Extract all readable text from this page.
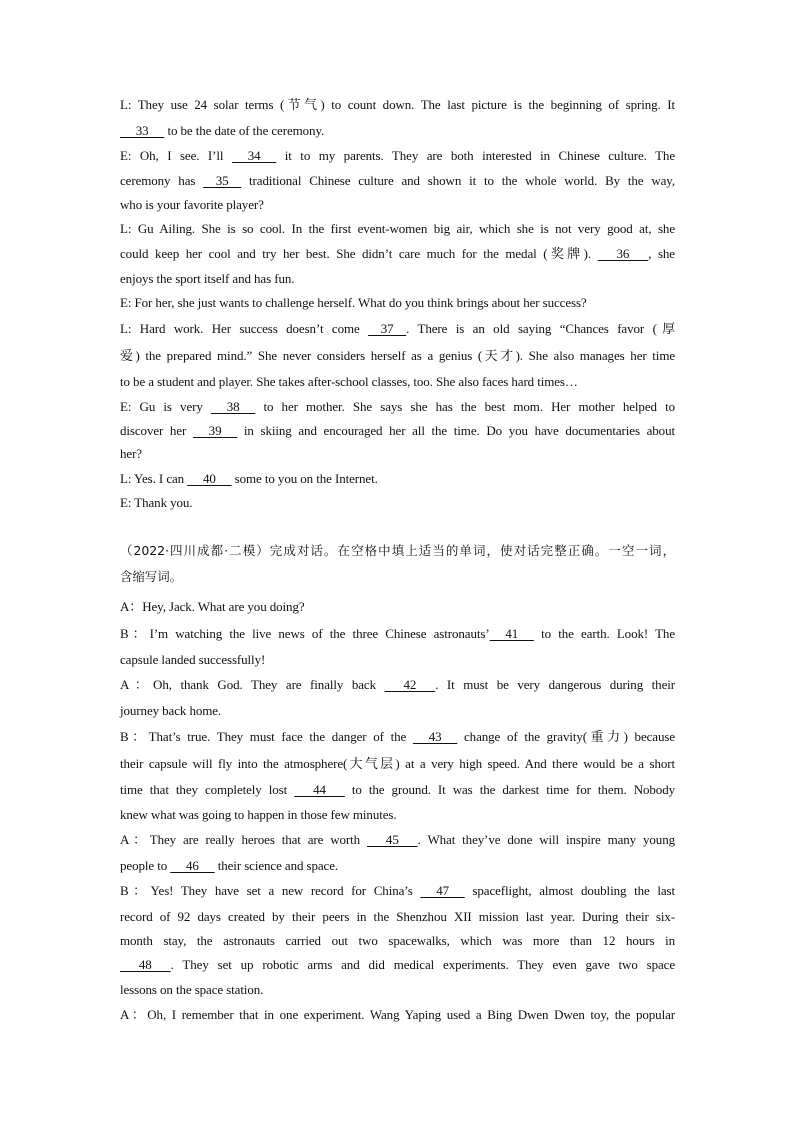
L: They use 24 solar terms (节气) to count down. The last picture is the beginning of spring. It
33      to be the date of the ceremony.
E: Oh, I see. I’ll      34      it to my parents. They are both interested in Chinese culture. The
ceremony has     35     traditional Chinese culture and shown it to the whole world. By the way,
who is your favorite player?
L: Gu Ailing. She is so cool. In the first event-women big air, which she is not very good at, she
could keep her cool and try her best. She didn’t care much for the medal (奖牌).       36      , she
enjoys the sport itself and has fun.
E: For her, she just wants to challenge herself. What do you think brings about her success?
L: Hard work. Her success doesn’t come     37    . There is an old saying “Chances favor (厚
爱) the prepared mind.” She never considers herself as a genius (天才). She also manages her time
to be a student and player. She takes after-school classes, too. She also faces hard times…
E: Gu is very      38      to her mother. She says she has the best mom. Her mother helped to
discover her      39      in skiing and encouraged her all the time. Do you have documentaries about
her?
L: Yes. I can      40      some to you on the Internet.
E: Thank you.
（2022·四川成都·二模）完成对话。在空格中填上适当的单词，使对话完整正确。一空一词，
含缩写词。
A：Hey, Jack. What are you doing?
B：I’m watching the live news of the three Chinese astronauts’     41      to the earth. Look! The
capsule landed successfully!
A：Oh, thank God. They are finally back       42      . It must be very dangerous during their
journey back home.
B：That’s true. They must face the danger of the      43      change of the gravity(重力) because
their capsule will fly into the atmosphere(大气层) at a very high speed. And there would be a short
time that they completely lost       44       to the ground. It was the darkest time for them. Nobody
knew what was going to happen in those few minutes.
A：They are really heroes that are worth       45      . What they’ve done will inspire many young
people to      46      their science and space.
B：Yes! They have set a new record for China’s      47      spaceflight, almost doubling the last
record of 92 days created by their peers in the Shenzhou XII mission last year. During their six-
month stay, the astronauts carried out two spacewalks, which was more than 12 hours in
48      . They set up robotic arms and did medical experiments. They even gave two space
lessons on the space station.
A：Oh, I remember that in one experiment. Wang Yaping used a Bing Dwen Dwen toy, the popular
